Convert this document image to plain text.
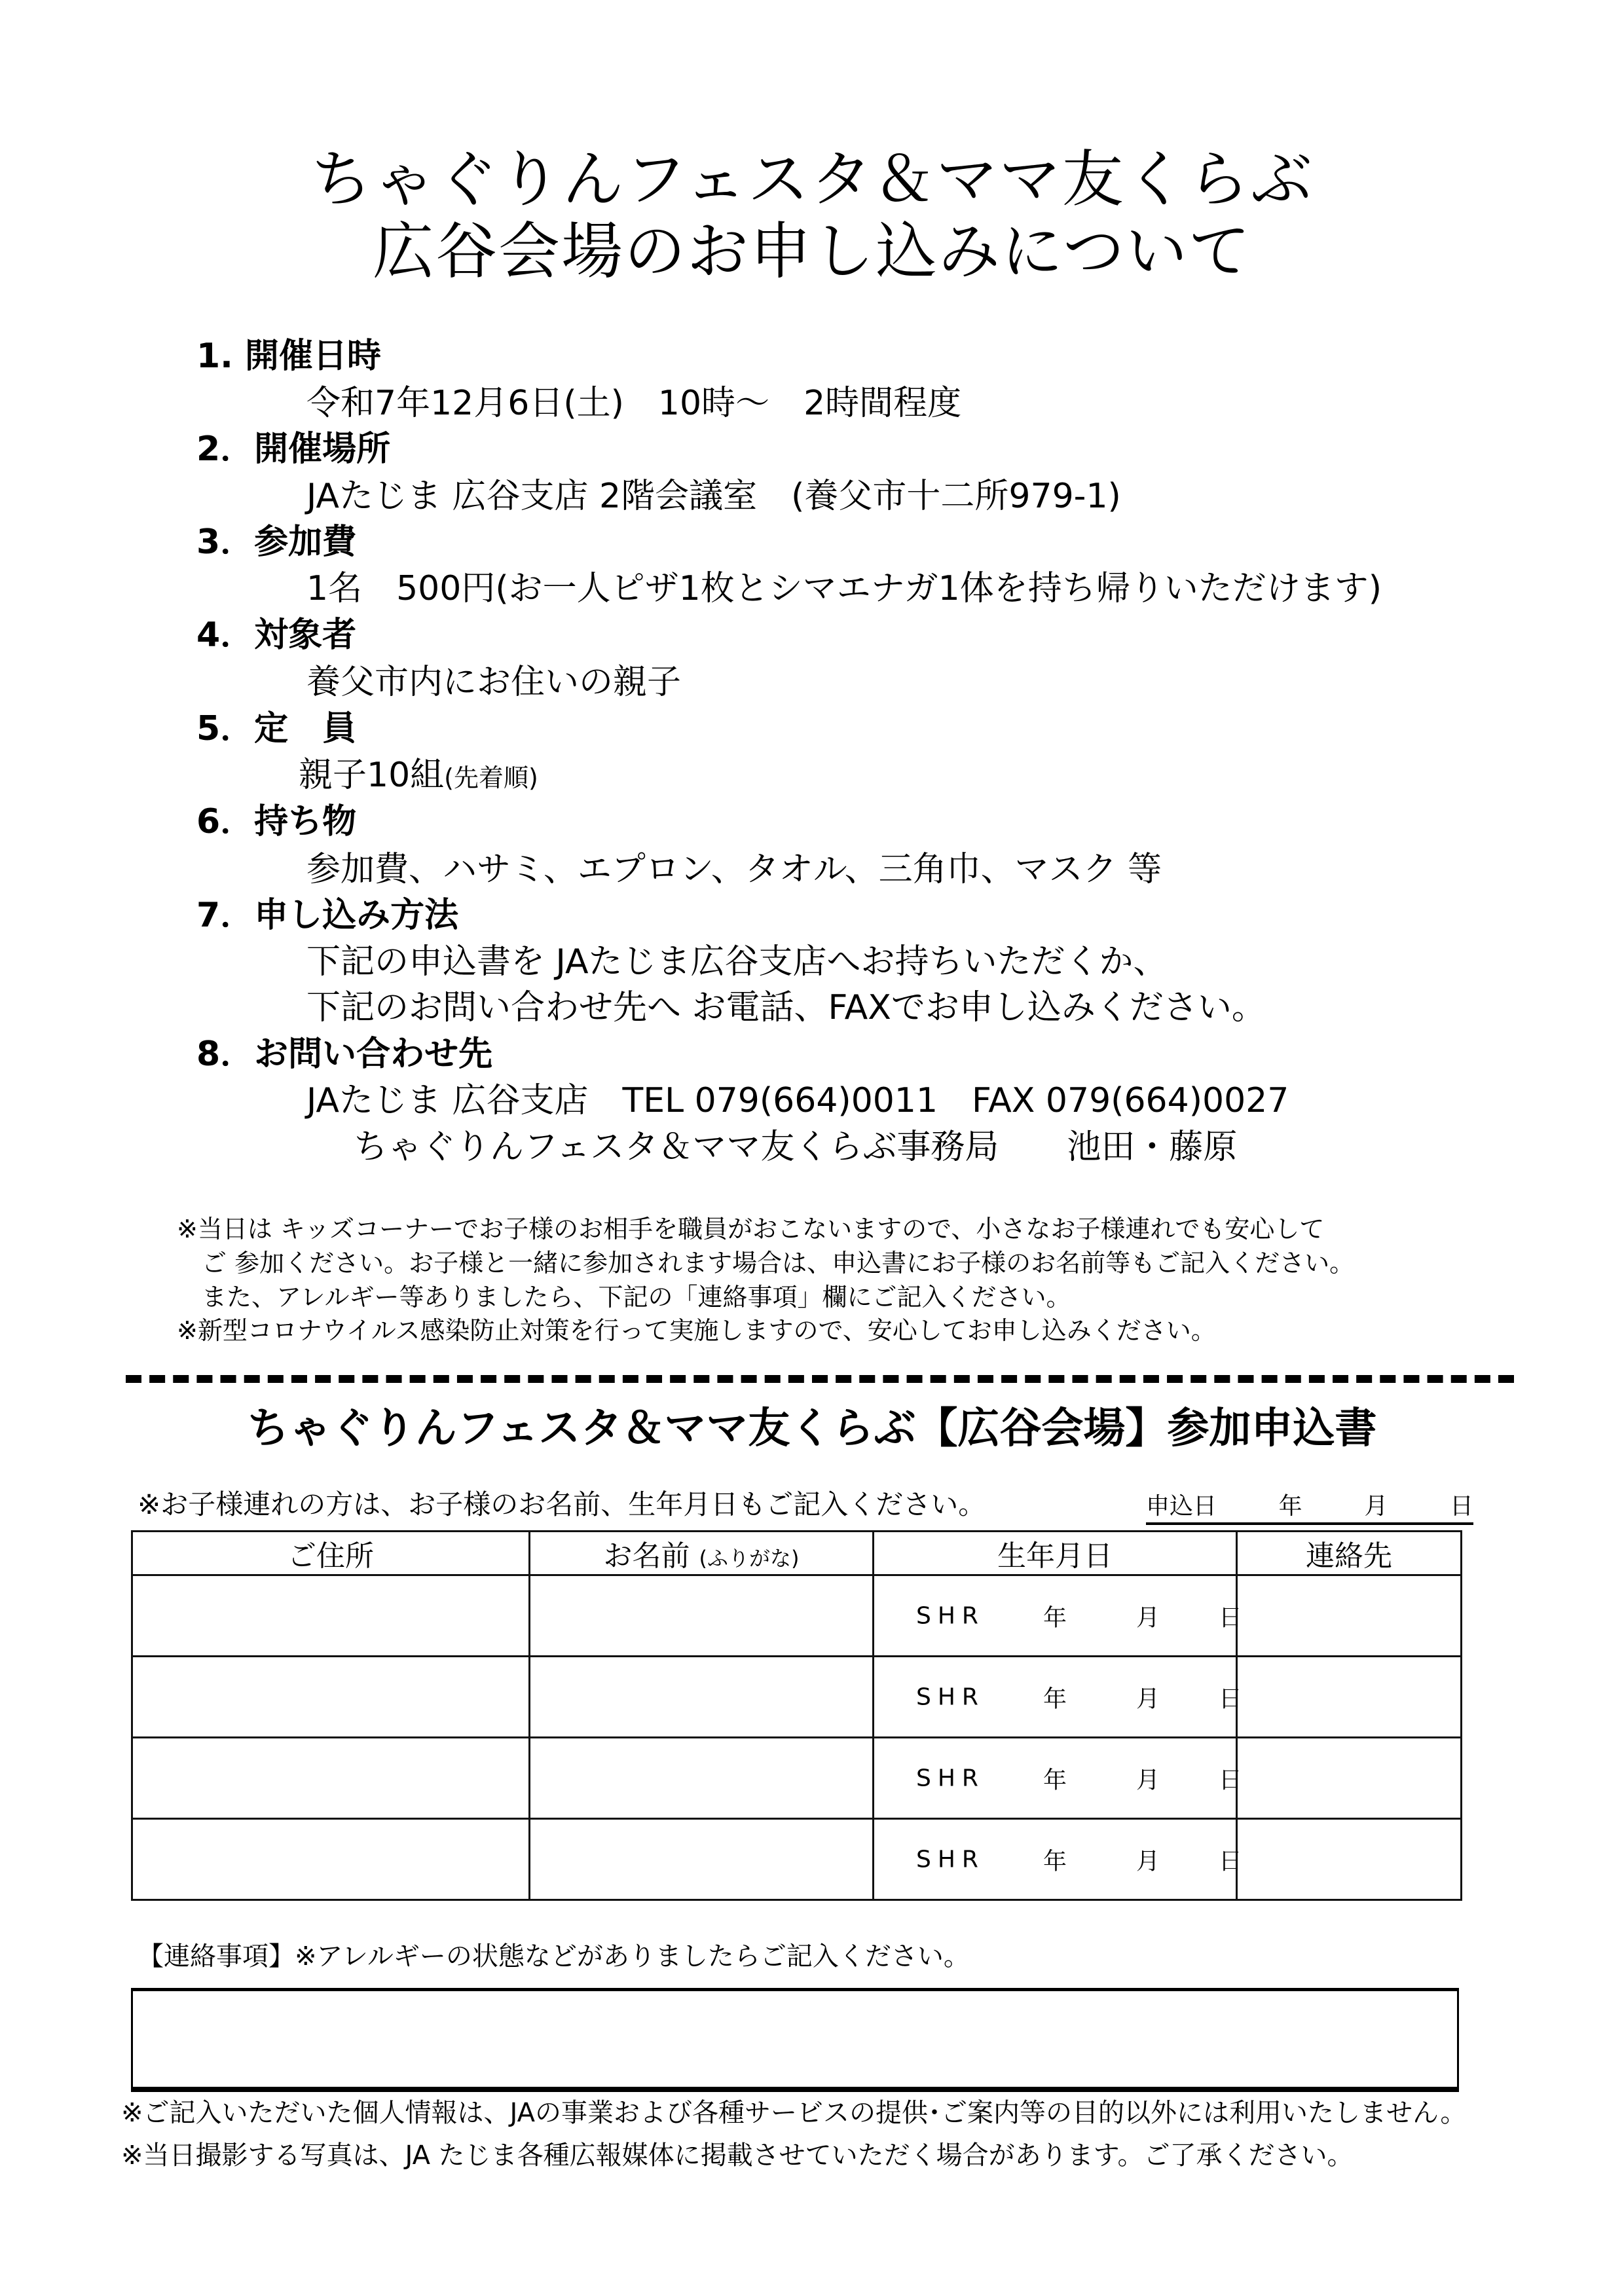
ちゃぐりんフェスタ＆ママ友くらぶ
広谷会場のお申し込みについて
1. 開催日時
令和7年12月6日(土)　10時～　2時間程度
2．開催場所
JAたじま 広谷支店 2階会議室　(養父市十二所979-1)
3．参加費
1名　500円(お一人ピザ1枚とシマエナガ1体を持ち帰りいただけます)
4．対象者
養父市内にお住いの親子
5．定　員
親子10組(先着順)
6．持ち物
参加費、ハサミ、エプロン、タオル、三角巾、マスク 等
7．申し込み方法
下記の申込書を JAたじま広谷支店へお持ちいただくか、
下記のお問い合わせ先へ お電話、FAXでお申し込みください。
8．お問い合わせ先
JAたじま 広谷支店　TEL 079(664)0011　FAX 079(664)0027
ちゃぐりんフェスタ＆ママ友くらぶ事務局　　池田・藤原
※当日は キッズコーナーでお子様のお相手を職員がおこないますので、小さなお子様連れでも安心して
ご 参加ください。お子様と一緒に参加されます場合は、申込書にお子様のお名前等もご記入ください。
また、アレルギー等ありましたら、下記の「連絡事項」欄にご記入ください。
※新型コロナウイルス感染防止対策を行って実施しますので、安心してお申し込みください。
ちゃぐりんフェスタ＆ママ友くらぶ【広谷会場】参加申込書
※お子様連れの方は、お子様のお名前、生年月日もご記入ください。	申込日	年	月	日
ご住所	お名前 (ふりがな)	生年月日	連絡先

		SHR 年 月 日	

		SHR 年 月 日	

		SHR 年 月 日	

		SHR 年 月 日	

【連絡事項】※アレルギーの状態などがありましたらご記入ください。
※ご記入いただいた個人情報は、JAの事業および各種サービスの提供･ご案内等の目的以外には利用いたしません。
※当日撮影する写真は、JA たじま各種広報媒体に掲載させていただく場合があります。ご了承ください。
